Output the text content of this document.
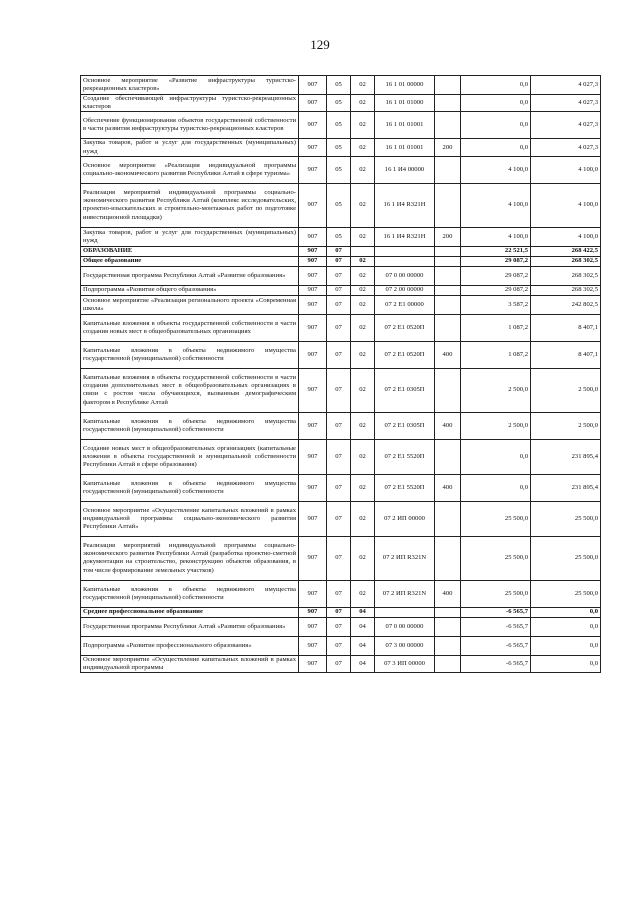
129
Основное мероприятие «Развитие инфраструктуры туристско-рекреационных кластеров»	907	05	02	16 1 01 00000		0,0	4 027,3
Создание обеспечивающей инфраструктуры туристско-рекреационных кластеров	907	05	02	16 1 01 01000		0,0	4 027,3
Обеспечение функционирования объектов государственной собственности в части развития инфраструктуры туристско-рекреационных кластеров	907	05	02	16 1 01 01001		0,0	4 027,3
Закупка товаров, работ и услуг для государственных (муниципальных) нужд	907	05	02	16 1 01 01001	200	0,0	4 027,3
Основное мероприятие «Реализация индивидуальной программы социально-экономического развития Республики Алтай в сфере туризма»	907	05	02	16 1 И4 00000		4 100,0	4 100,0
Реализация мероприятий индивидуальной программы социально-экономического развития Республики Алтай (комплекс исследовательских, проектно-изыскательских и строительно-монтажных работ по подготовке инвестиционной площадки)	907	05	02	16 1 И4 R321Н		4 100,0	4 100,0
Закупка товаров, работ и услуг для государственных (муниципальных) нужд	907	05	02	16 1 И4 R321Н	200	4 100,0	4 100,0
ОБРАЗОВАНИЕ	907	07				22 521,5	268 422,5
Общее образование	907	07	02			29 087,2	268 302,5
Государственная программа Республики Алтай «Развитие образования»	907	07	02	07 0 00 00000		29 087,2	268 302,5
Подпрограмма «Развитие общего образования»	907	07	02	07 2 00 00000		29 087,2	268 302,5
Основное мероприятие «Реализация регионального проекта «Современная школа»	907	07	02	07 2 Е1 00000		3 587,2	242 802,5
Капитальные вложения в объекты государственной собственности в части создания новых мест в общеобразовательных организациях	907	07	02	07 2 Е1 0520П		1 087,2	8 407,1
Капитальные вложения в объекты недвижимого имущества государственной (муниципальной) собственности	907	07	02	07 2 Е1 0520П	400	1 087,2	8 407,1
Капитальные вложения в объекты государственной собственности в части создания дополнительных мест в общеобразовательных организациях в связи с ростом числа обучающихся, вызванным демографическим фактором в Республике Алтай	907	07	02	07 2 Е1 0305П		2 500,0	2 500,0
Капитальные вложения в объекты недвижимого имущества государственной (муниципальной) собственности	907	07	02	07 2 Е1 0305П	400	2 500,0	2 500,0
Создание новых мест в общеобразовательных организациях (капитальные вложения в объекты государственной и муниципальной собственности Республики Алтай в сфере образования)	907	07	02	07 2 Е1 5520П		0,0	231 895,4
Капитальные вложения в объекты недвижимого имущества государственной (муниципальной) собственности	907	07	02	07 2 Е1 5520П	400	0,0	231 895,4
Основное мероприятие «Осуществление капитальных вложений в рамках индивидуальной программы социально-экономического развития Республики Алтай»	907	07	02	07 2 ИП 00000		25 500,0	25 500,0
Реализация мероприятий индивидуальной программы социально-экономического развития Республики Алтай (разработка проектно-сметной документации на строительство, реконструкцию объектов образования, в том числе формирование земельных участков)	907	07	02	07 2 ИП R321N		25 500,0	25 500,0
Капитальные вложения в объекты недвижимого имущества государственной (муниципальной) собственности	907	07	02	07 2 ИП R321N	400	25 500,0	25 500,0
Среднее профессиональное образование	907	07	04			-6 565,7	0,0
Государственная программа Республики Алтай «Развитие образования»	907	07	04	07 0 00 00000		-6 565,7	0,0
Подпрограмма «Развитие профессионального образования»	907	07	04	07 3 00 00000		-6 565,7	0,0
Основное мероприятие «Осуществление капитальных вложений в рамках индивидуальной программы	907	07	04	07 3 ИП 00000		-6 565,7	0,0
